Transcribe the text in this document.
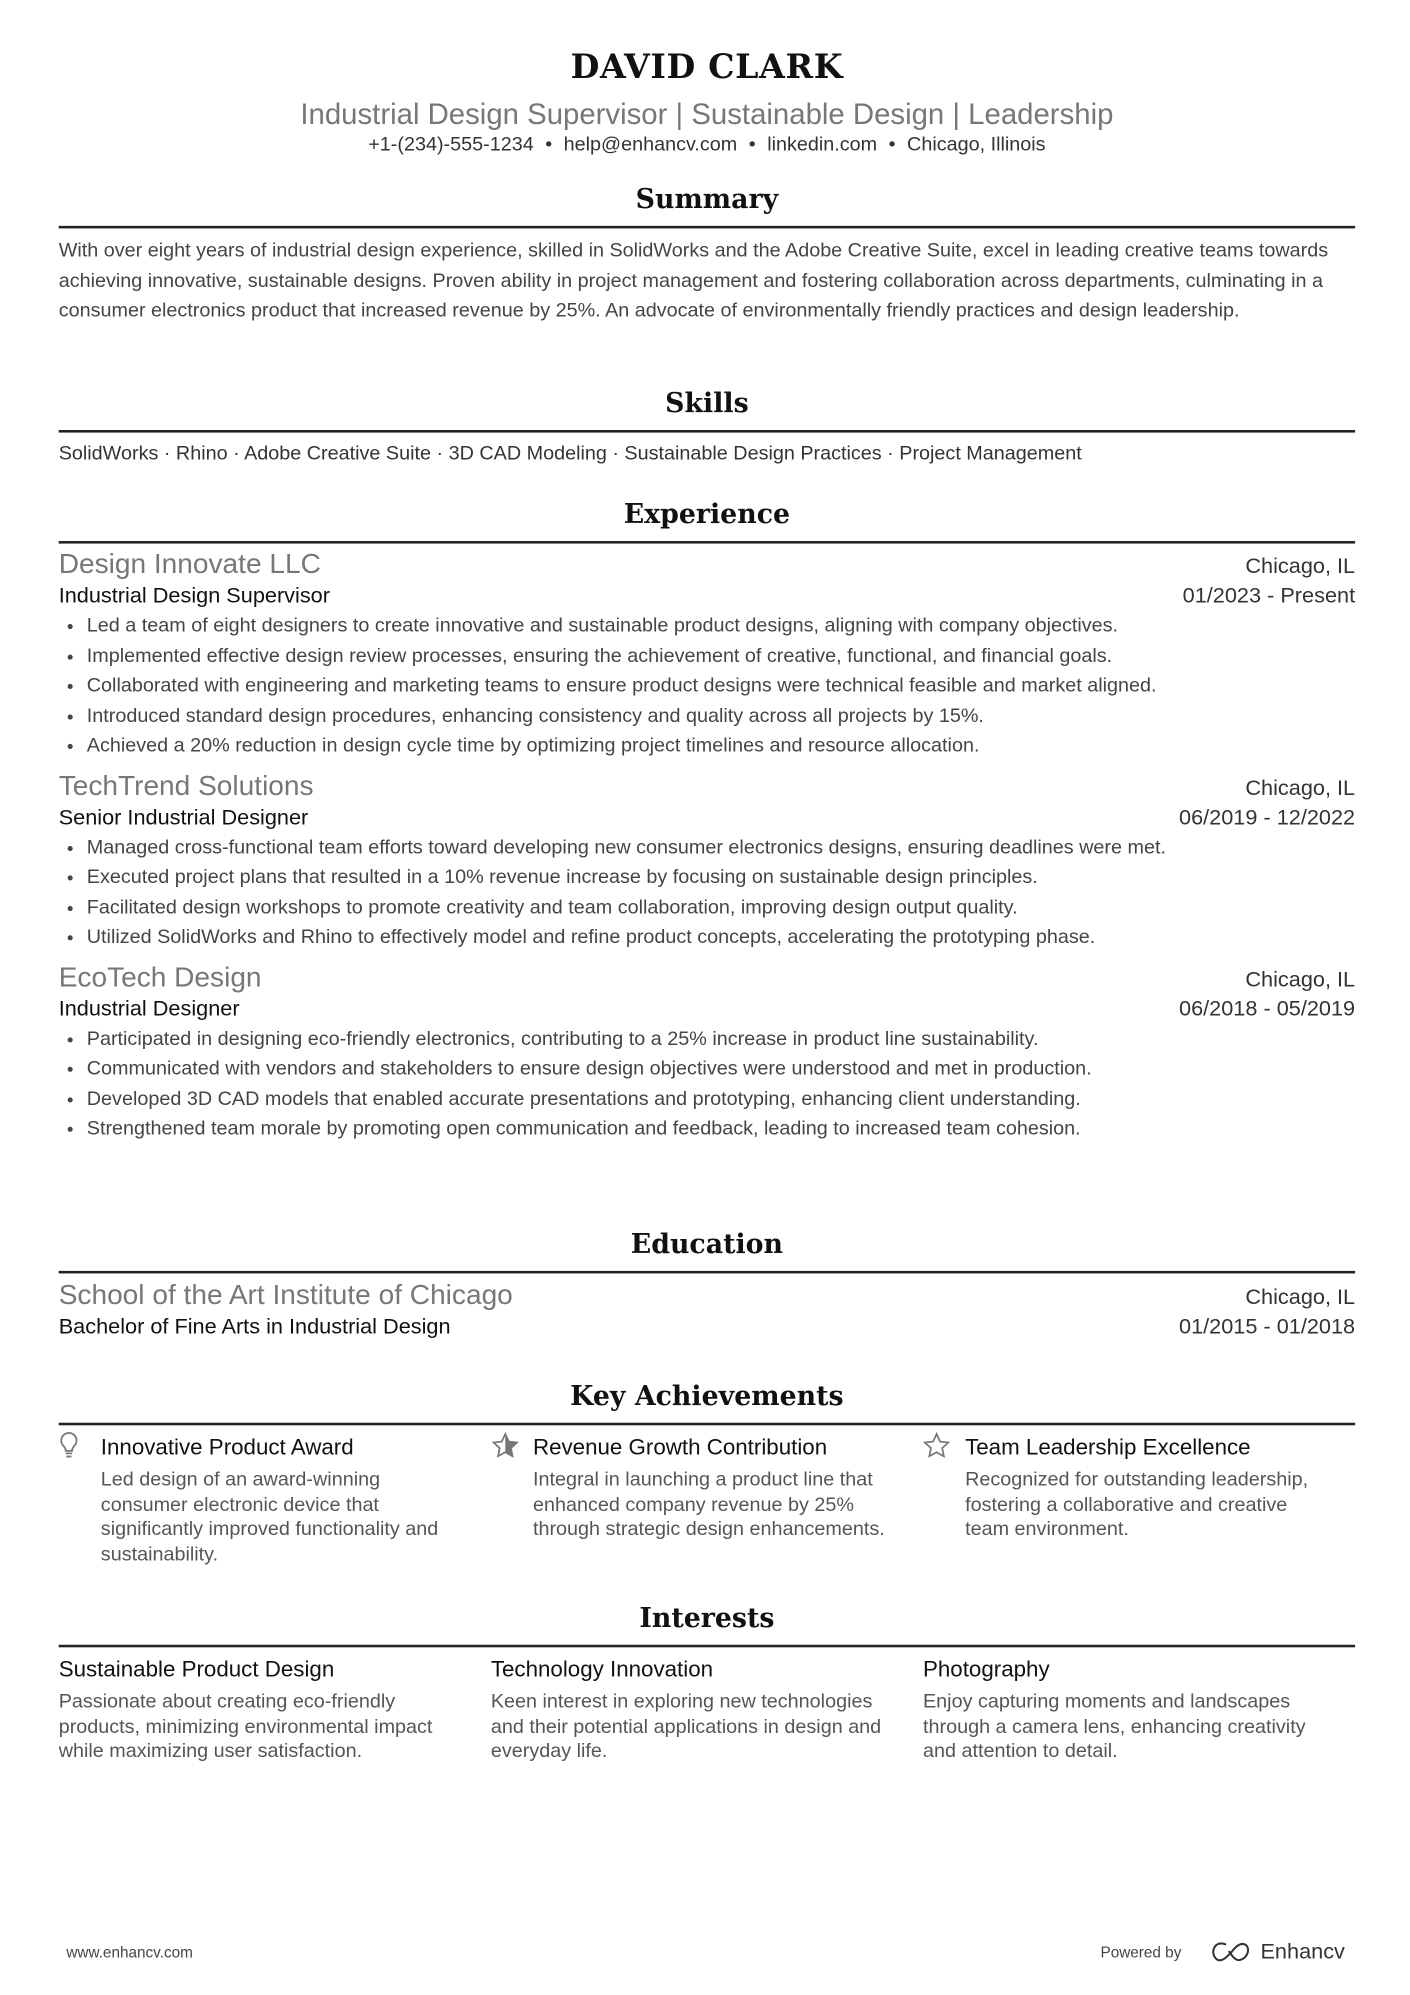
DAVID CLARK
Industrial Design Supervisor | Sustainable Design | Leadership
+1-(234)-555-1234 • help@enhancv.com • linkedin.com • Chicago, Illinois
Summary
With over eight years of industrial design experience, skilled in SolidWorks and the Adobe Creative Suite, excel in leading creative teams towards achieving innovative, sustainable designs. Proven ability in project management and fostering collaboration across departments, culminating in a consumer electronics product that increased revenue by 25%. An advocate of environmentally friendly practices and design leadership.
Skills
SolidWorks · Rhino · Adobe Creative Suite · 3D CAD Modeling · Sustainable Design Practices · Project Management
Experience
Design Innovate LLC	Chicago, IL
Industrial Design Supervisor	01/2023 - Present
• Led a team of eight designers to create innovative and sustainable product designs, aligning with company objectives.
• Implemented effective design review processes, ensuring the achievement of creative, functional, and financial goals.
• Collaborated with engineering and marketing teams to ensure product designs were technical feasible and market aligned.
• Introduced standard design procedures, enhancing consistency and quality across all projects by 15%.
• Achieved a 20% reduction in design cycle time by optimizing project timelines and resource allocation.
TechTrend Solutions	Chicago, IL
Senior Industrial Designer	06/2019 - 12/2022
• Managed cross-functional team efforts toward developing new consumer electronics designs, ensuring deadlines were met.
• Executed project plans that resulted in a 10% revenue increase by focusing on sustainable design principles.
• Facilitated design workshops to promote creativity and team collaboration, improving design output quality.
• Utilized SolidWorks and Rhino to effectively model and refine product concepts, accelerating the prototyping phase.
EcoTech Design	Chicago, IL
Industrial Designer	06/2018 - 05/2019
• Participated in designing eco-friendly electronics, contributing to a 25% increase in product line sustainability.
• Communicated with vendors and stakeholders to ensure design objectives were understood and met in production.
• Developed 3D CAD models that enabled accurate presentations and prototyping, enhancing client understanding.
• Strengthened team morale by promoting open communication and feedback, leading to increased team cohesion.
Education
School of the Art Institute of Chicago	Chicago, IL
Bachelor of Fine Arts in Industrial Design	01/2015 - 01/2018
Key Achievements
Innovative Product Award
Led design of an award-winning consumer electronic device that significantly improved functionality and sustainability.
Revenue Growth Contribution
Integral in launching a product line that enhanced company revenue by 25% through strategic design enhancements.
Team Leadership Excellence
Recognized for outstanding leadership, fostering a collaborative and creative team environment.
Interests
Sustainable Product Design
Passionate about creating eco-friendly products, minimizing environmental impact while maximizing user satisfaction.
Technology Innovation
Keen interest in exploring new technologies and their potential applications in design and everyday life.
Photography
Enjoy capturing moments and landscapes through a camera lens, enhancing creativity and attention to detail.
www.enhancv.com	Powered by	Enhancv
